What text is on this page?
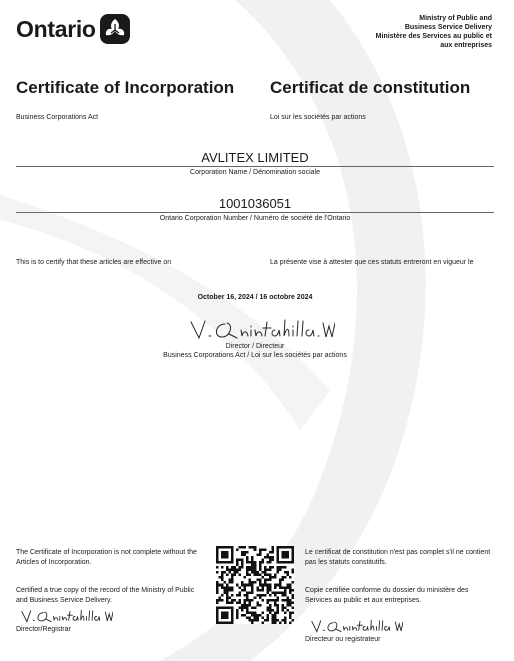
Ontario	Ministry of Public and
Business Service Delivery
Ministère des Services au public et
aux entreprises
Certificate of Incorporation Certificat de constitution
Business Corporations Act	Loi sur les sociétés par actions
AVLITEX LIMITED
Corporation Name / Dénomination sociale
1001036051
Ontario Corporation Number / Numéro de société de l'Ontario
This is to certify that these articles are effective on	La présente vise à attester que ces statuts entreront en vigueur le
October 16, 2024 / 16 octobre 2024
Director / Directeur
Business Corporations Act / Loi sur les sociétés par actions
The Certificate of Incorporation is not complete without the Articles of Incorporation.
Certified a true copy of the record of the Ministry of Public and Business Service Delivery.
Director/Registrar
Le certificat de constitution n'est pas complet s'il ne contient pas les statuts constitutifs.
Copie certifiée conforme du dossier du ministère des Services au public et aux entreprises.
Directeur ou registrateur
